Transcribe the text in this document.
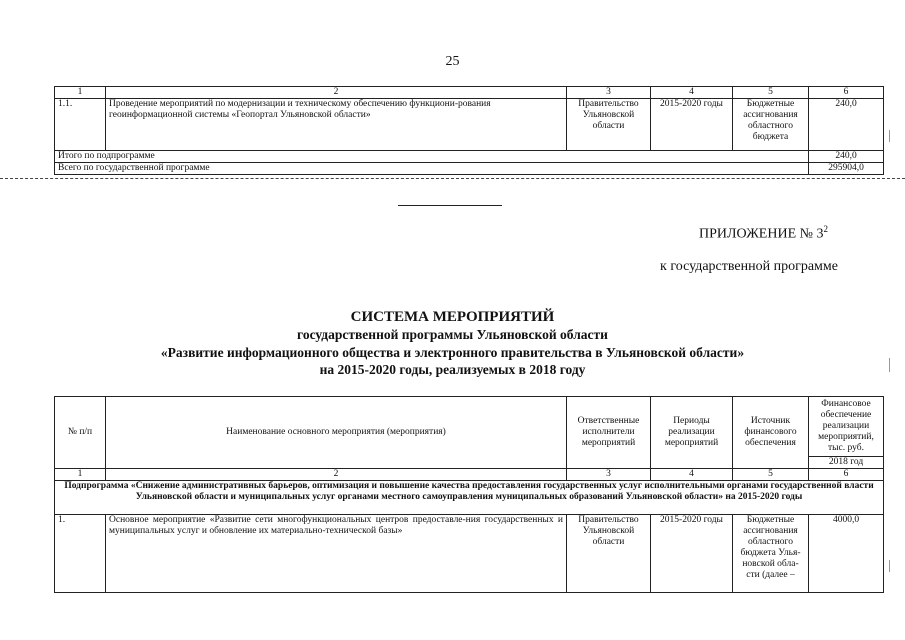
25
1	2	3	4	5	6
1.1.	Проведение мероприятий по модернизации и техническому обеспечению функциони-рования геоинформационной системы «Геопортал Ульяновской области»	Правительство Ульяновской области	2015-2020 годы	Бюджетные ассигнования областного бюджета	240,0
Итого по подпрограмме					240,0
Всего по государственной программе					295904,0
ПРИЛОЖЕНИЕ № $3^2$
к государственной программе
СИСТЕМА МЕРОПРИЯТИЙ
государственной программы Ульяновской области
«Развитие информационного общества и электронного правительства в Ульяновской области»
на 2015-2020 годы, реализуемых в 2018 году
№ п/п	Наименование основного мероприятия (мероприятия)	Ответственные исполнители мероприятий	Периоды реализации мероприятий	Источник финансового обеспечения	Финансовое обеспечение реализации мероприятий, тыс. руб.
					2018 год
1	2	3	4	5	6
Подпрограмма «Снижение административных барьеров, оптимизация и повышение качества предоставления государственных услуг исполнительными органами государственной власти Ульяновской области и муниципальных услуг органами местного самоуправления муниципальных образований Ульяновской области» на 2015-2020 годы					
1.	Основное мероприятие «Развитие сети многофункциональных центров предоставле-ния государственных и муниципальных услуг и обновление их материально-технической базы»	Правительство Ульяновской области	2015-2020 годы	Бюджетные ассигнования областного бюджета Улья-новской обла-сти (далее –	4000,0
